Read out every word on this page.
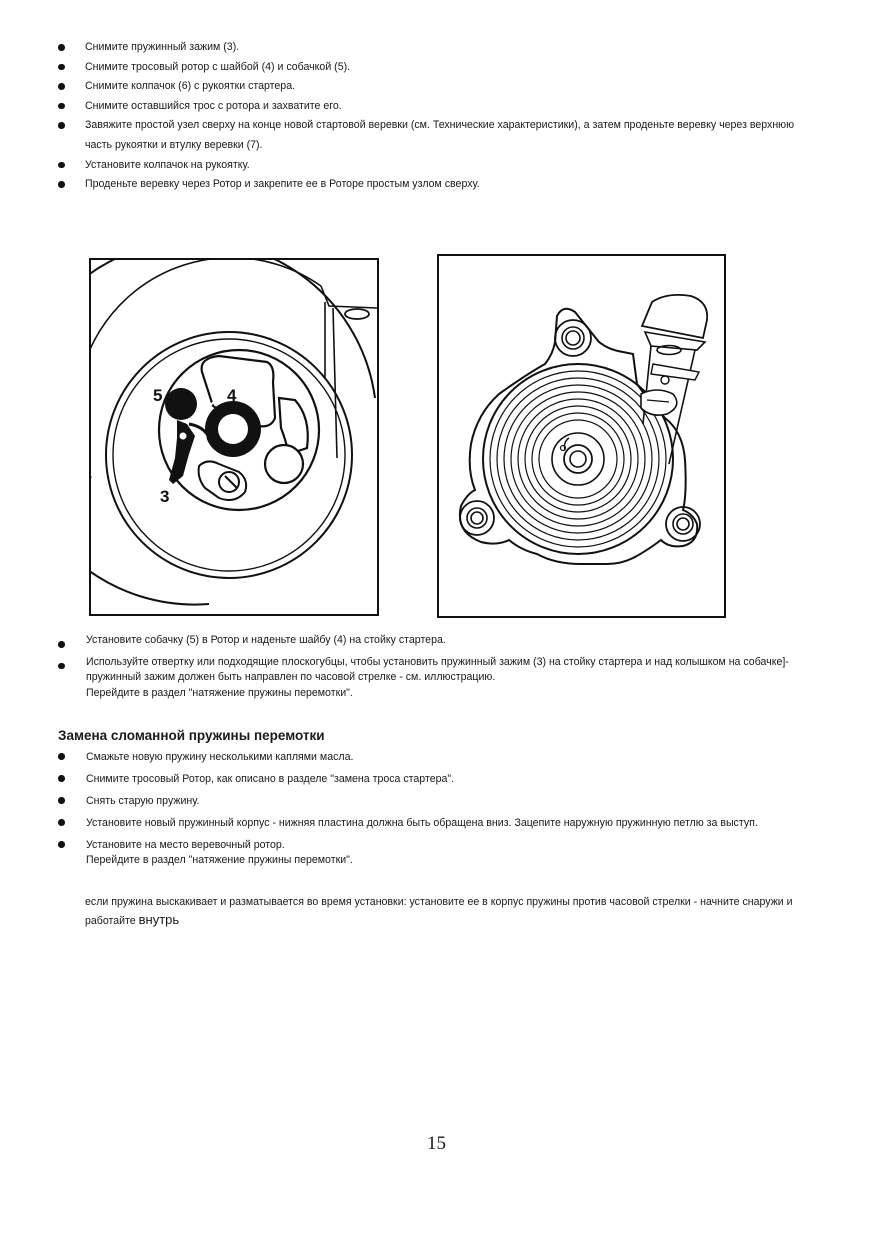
Снимите пружинный зажим (3).
Снимите тросовый ротор с шайбой (4) и собачкой (5).
Снимите колпачок (6) с рукоятки стартера.
Снимите оставшийся трос с ротора и захватите его.
Завяжите простой узел сверху на конце новой стартовой веревки (см. Технические характеристики), а затем проденьте веревку через верхнюю часть рукоятки и втулку веревки (7).
Установите колпачок на рукоятку.
Проденьте веревку через Ротор и закрепите ее в Роторе простым узлом сверху.
5	4
3
Установите собачку (5) в Ротор и наденьте шайбу (4) на стойку стартера.
Используйте отвертку или подходящие плоскогубцы, чтобы установить пружинный зажим (3) на стойку стартера и над колышком на собачке]-пружинный зажим должен быть направлен по часовой стрелке - см. иллюстрацию.
Перейдите в раздел "натяжение пружины перемотки".
Замена сломанной пружины перемотки
Смажьте новую пружину несколькими каплями масла.
Снимите тросовый Ротор, как описано в разделе "замена троса стартера".
Снять старую пружину.
Установите новый пружинный корпус - нижняя пластина должна быть обращена вниз. Зацепите наружную пружинную петлю за выступ.
Установите на место веревочный ротор.
Перейдите в раздел "натяжение пружины перемотки".

если пружина выскакивает и разматывается во время установки: установите ее в корпус пружины против часовой стрелки - начните снаружи и работайте внутрь

15
